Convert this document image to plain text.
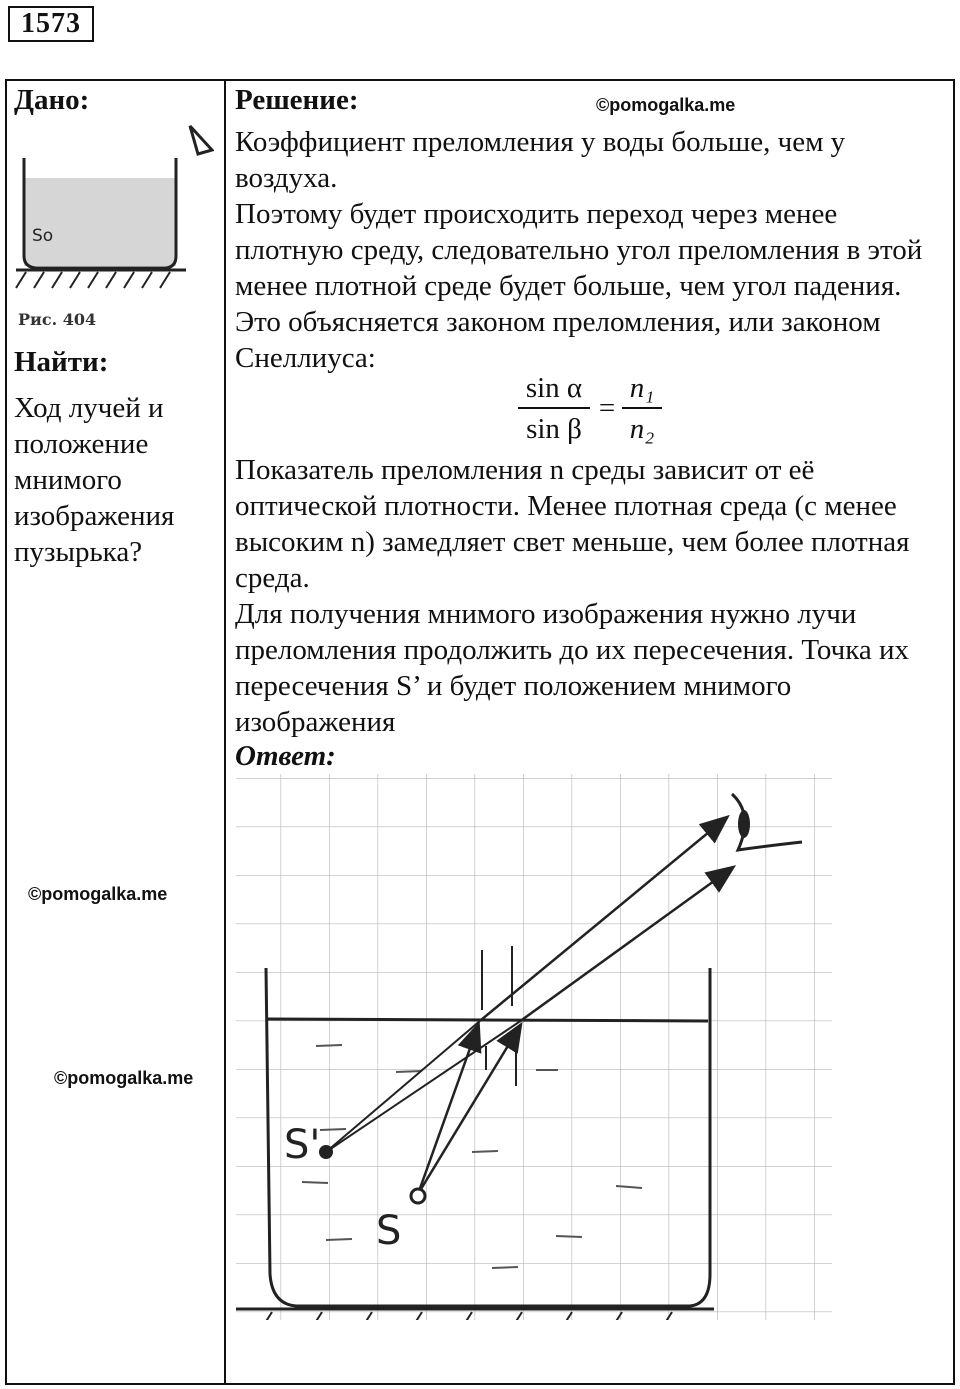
1573
Дано:
So
Рис. 404
Найти:
Ход лучей и положение мнимого изображения пузырька?
©pomogalka.me
©pomogalka.me
Решение:	©pomogalka.me

Коэффициент преломления у воды больше, чем у воздуха.

Поэтому будет происходить переход через менее плотную среду, следовательно угол преломления в этой менее плотной среде будет больше, чем угол падения. Это объясняется законом преломления, или законом Снеллиуса:

sin α
sin β
=
n₁
n₂

Показатель преломления n среды зависит от её оптической плотности. Менее плотная среда (с менее высоким n) замедляет свет меньше, чем более плотная среда.

Для получения мнимого изображения нужно лучи преломления продолжить до их пересечения. Точка их пересечения S’ и будет положением мнимого изображения

Ответ:
S
S'
